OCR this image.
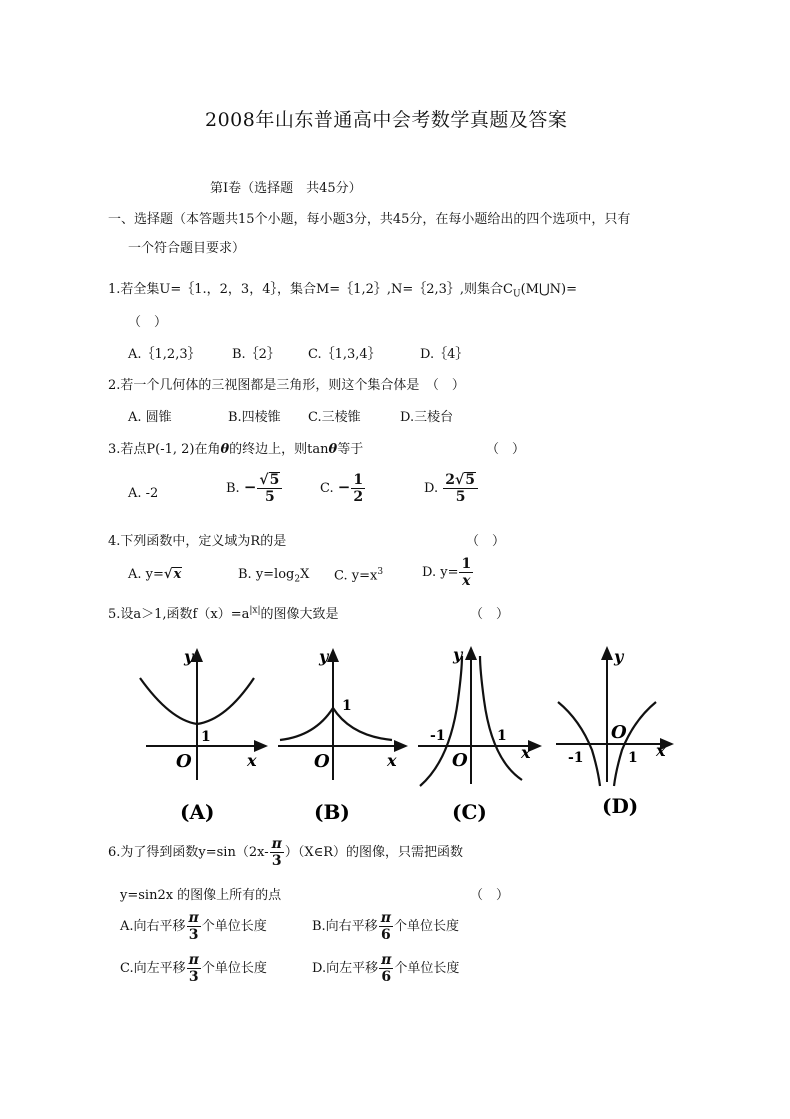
2008年山东普通高中会考数学真题及答案
第Ⅰ卷（选择题　共45分）
一、选择题（本答题共15个小题，每小题3分，共45分，在每小题给出的四个选项中，只有
一个符合题目要求）
1.若全集U=｛1.，2，3，4｝，集合M=｛1,2｝,N=｛2,3｝,则集合$C_U(M⋃N)=$
（　）
A.｛1,2,3｝ B.｛2｝ C.｛1,3,4｝	D.｛4｝
2.若一个几何体的三视图都是三角形，则这个集合体是　（　）
A. 圆锥	B.四棱锥 C.三棱锥	D.三棱台
3.若点P(-1, 2)在角θ的终边上，则tanθ等于	（　）
A. -2	B. − $\frac{√5}{5}$	C. − $\frac{1}{2}$	D. $\frac{2√5}{5}$
4.下列函数中，定义域为R的是	（　）
A. y=√x	B. $y=\log_2X$ C. $y=x^3$	D. $y= \frac{1}{x}$
5.设a＞1,函数$f(x)=a^{|x|}$的图像大致是	（　）
y
x
O
1
(A)
y
x
O
1
(B)
y
x
O
-1	1
(C)
y
x
O
-1	1
(D)
6.为了得到函数$y=\sin(2x- \frac{\pi}{3}$ ）（X∈R）的图像，只需把函数
y=sin2x 的图像上所有的点	（　）
A.向右平移 $\frac{\pi}{3}$ 个单位长度	B.向右平移 $\frac{\pi}{6}$ 个单位长度
C.向左平移 $\frac{\pi}{3}$ 个单位长度	D.向左平移 $\frac{\pi}{6}$ 个单位长度
